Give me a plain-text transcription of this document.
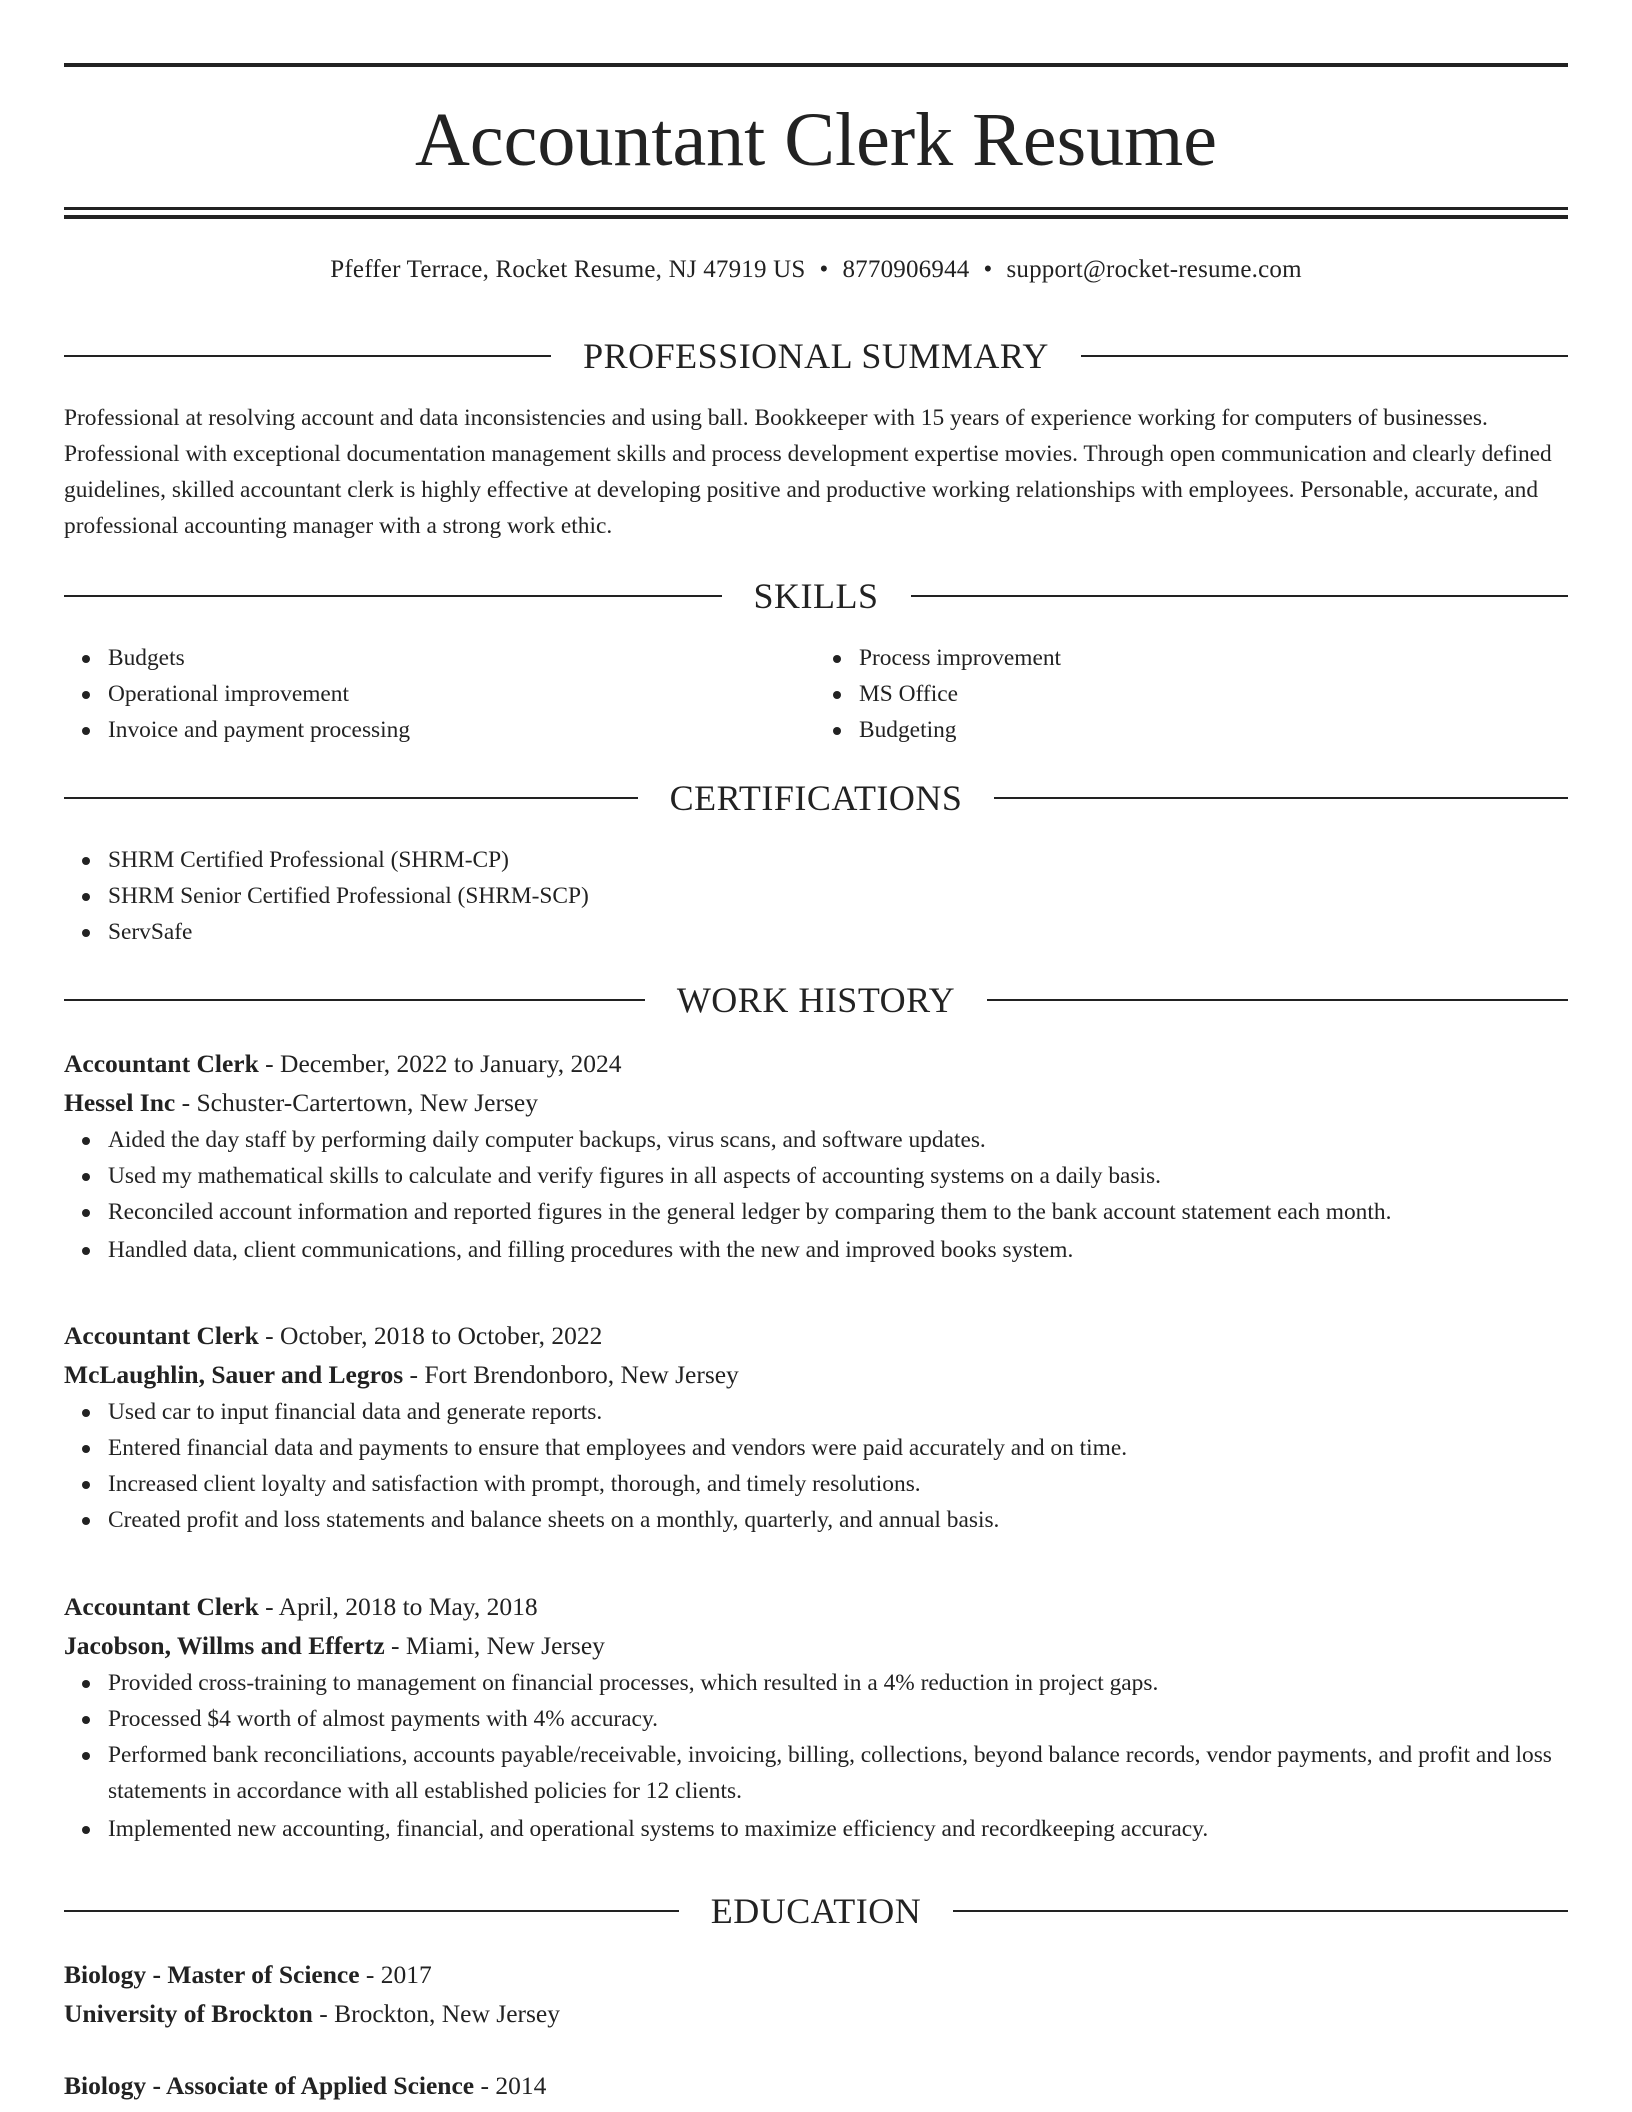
Accountant Clerk Resume
Pfeffer Terrace, Rocket Resume, NJ 47919 US • 8770906944 • support@rocket-resume.com
PROFESSIONAL SUMMARY
Professional at resolving account and data inconsistencies and using ball. Bookkeeper with 15 years of experience working for computers of businesses. Professional with exceptional documentation management skills and process development expertise movies. Through open communication and clearly defined guidelines, skilled accountant clerk is highly effective at developing positive and productive working relationships with employees. Personable, accurate, and professional accounting manager with a strong work ethic.
SKILLS
Budgets
Operational improvement
Invoice and payment processing
Process improvement
MS Office
Budgeting
CERTIFICATIONS
SHRM Certified Professional (SHRM-CP)
SHRM Senior Certified Professional (SHRM-SCP)
ServSafe
WORK HISTORY
Accountant Clerk - December, 2022 to January, 2024
Hessel Inc - Schuster-Cartertown, New Jersey
Aided the day staff by performing daily computer backups, virus scans, and software updates.
Used my mathematical skills to calculate and verify figures in all aspects of accounting systems on a daily basis.
Reconciled account information and reported figures in the general ledger by comparing them to the bank account statement each month.
Handled data, client communications, and filling procedures with the new and improved books system.
Accountant Clerk - October, 2018 to October, 2022
McLaughlin, Sauer and Legros - Fort Brendonboro, New Jersey
Used car to input financial data and generate reports.
Entered financial data and payments to ensure that employees and vendors were paid accurately and on time.
Increased client loyalty and satisfaction with prompt, thorough, and timely resolutions.
Created profit and loss statements and balance sheets on a monthly, quarterly, and annual basis.
Accountant Clerk - April, 2018 to May, 2018
Jacobson, Willms and Effertz - Miami, New Jersey
Provided cross-training to management on financial processes, which resulted in a 4% reduction in project gaps.
Processed $4 worth of almost payments with 4% accuracy.
Performed bank reconciliations, accounts payable/receivable, invoicing, billing, collections, beyond balance records, vendor payments, and profit and loss statements in accordance with all established policies for 12 clients.
Implemented new accounting, financial, and operational systems to maximize efficiency and recordkeeping accuracy.
EDUCATION
Biology - Master of Science - 2017
University of Brockton - Brockton, New Jersey
Biology - Associate of Applied Science - 2014
